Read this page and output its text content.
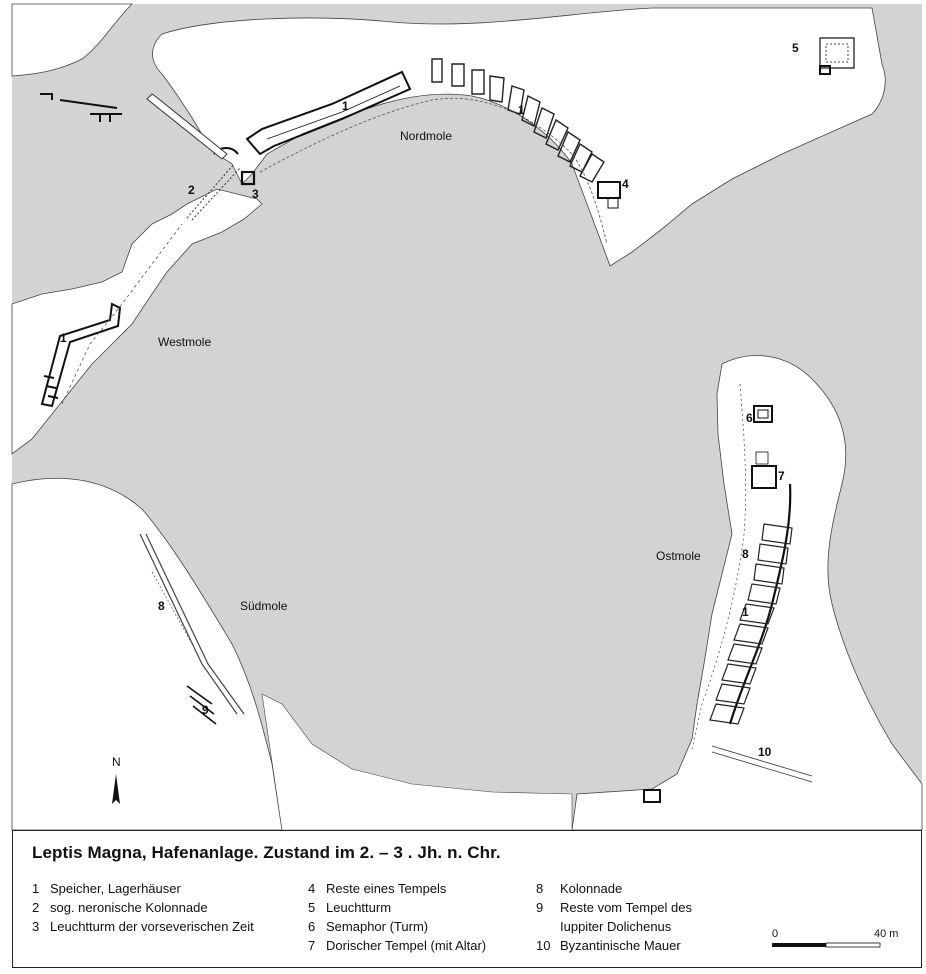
N
Nordmole
Westmole
Ostmole
Südmole
1
1
1
1
2	3
4
5
6
7
8
8
9
10
Leptis Magna, Hafenanlage. Zustand im 2. – 3 . Jh. n. Chr.
1 Speicher, Lagerhäuser
2 sog. neronische Kolonnade
3 Leuchtturm der vorseverischen Zeit
4 Reste eines Tempels
5 Leuchtturm
6 Semaphor (Turm)
7 Dorischer Tempel (mit Altar)
8	Kolonnade
9	Reste vom Tempel des
Iuppiter Dolichenus
10 Byzantinische Mauer
0	40 m
